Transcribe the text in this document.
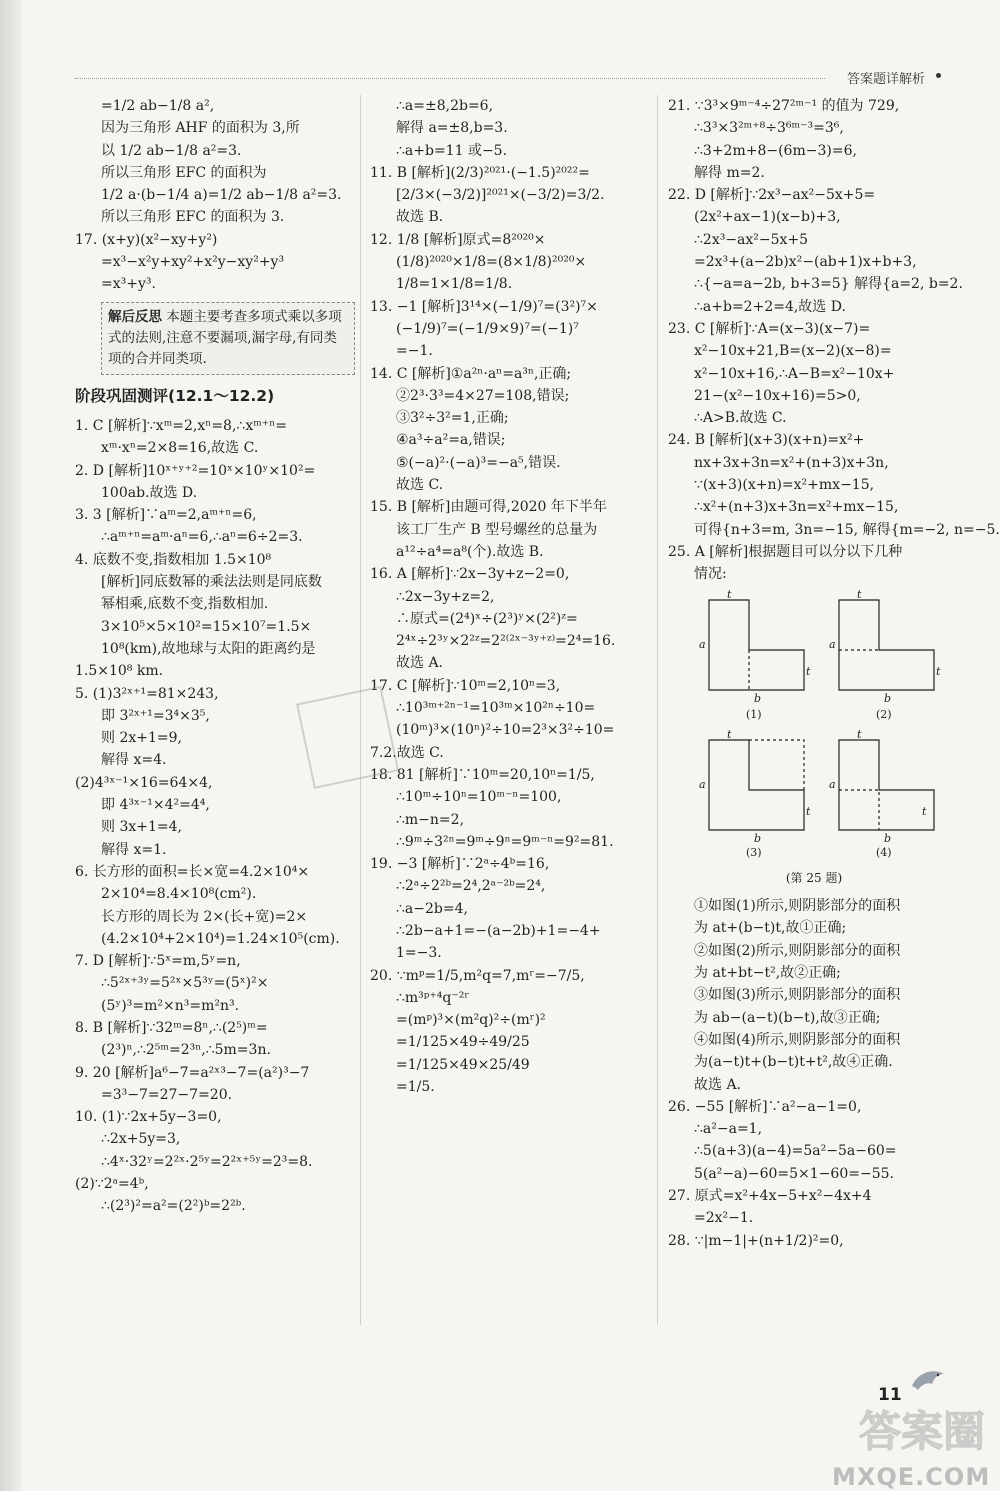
答案题详解析
=1/2 ab−1/8 a²,
因为三角形 AHF 的面积为 3,所
以 1/2 ab−1/8 a²=3.
所以三角形 EFC 的面积为
1/2 a·(b−1/4 a)=1/2 ab−1/8 a²=3.
所以三角形 EFC 的面积为 3.
17. (x+y)(x²−xy+y²)
=x³−x²y+xy²+x²y−xy²+y³
=x³+y³.
解后反思 本题主要考查多项式乘以多项式的法则,注意不要漏项,漏字母,有同类项的合并同类项.
阶段巩固测评(12.1～12.2)
1. C [解析]∵xᵐ=2,xⁿ=8,∴xᵐ⁺ⁿ=
xᵐ·xⁿ=2×8=16,故选 C.
2. D [解析]10ˣ⁺ʸ⁺²=10ˣ×10ʸ×10²=
100ab.故选 D.
3. 3 [解析]∵aᵐ=2,aᵐ⁺ⁿ=6,
∴aᵐ⁺ⁿ=aᵐ·aⁿ=6,∴aⁿ=6÷2=3.
4. 底数不变,指数相加 1.5×10⁸
[解析]同底数幂的乘法法则是同底数
幂相乘,底数不变,指数相加.
3×10⁵×5×10²=15×10⁷=1.5×
10⁸(km),故地球与太阳的距离约是
1.5×10⁸ km.
5. (1)3²ˣ⁺¹=81×243,
即 3²ˣ⁺¹=3⁴×3⁵,
则 2x+1=9,
解得 x=4.
(2)4³ˣ⁻¹×16=64×4,
即 4³ˣ⁻¹×4²=4⁴,
则 3x+1=4,
解得 x=1.
6. 长方形的面积=长×宽=4.2×10⁴×
2×10⁴=8.4×10⁸(cm²).
长方形的周长为 2×(长+宽)=2×
(4.2×10⁴+2×10⁴)=1.24×10⁵(cm).
7. D [解析]∵5ˣ=m,5ʸ=n,
∴5²ˣ⁺³ʸ=5²ˣ×5³ʸ=(5ˣ)²×
(5ʸ)³=m²×n³=m²n³.
8. B [解析]∵32ᵐ=8ⁿ,∴(2⁵)ᵐ=
(2³)ⁿ,∴2⁵ᵐ=2³ⁿ,∴5m=3n.
9. 20 [解析]a⁶−7=a²ˣ³−7=(a²)³−7
=3³−7=27−7=20.
10. (1)∵2x+5y−3=0,
∴2x+5y=3,
∴4ˣ·32ʸ=2²ˣ·2⁵ʸ=2²ˣ⁺⁵ʸ=2³=8.
(2)∵2ᵃ=4ᵇ,
∴(2³)²=a²=(2²)ᵇ=2²ᵇ.
∴a=±8,2b=6,
解得 a=±8,b=3.
∴a+b=11 或−5.
11. B [解析](2/3)²⁰²¹·(−1.5)²⁰²²=
[2/3×(−3/2)]²⁰²¹×(−3/2)=3/2.
故选 B.
12. 1/8 [解析]原式=8²⁰²⁰×
(1/8)²⁰²⁰×1/8=(8×1/8)²⁰²⁰×
1/8=1×1/8=1/8.
13. −1 [解析]3¹⁴×(−1/9)⁷=(3²)⁷×
(−1/9)⁷=(−1/9×9)⁷=(−1)⁷
=−1.
14. C [解析]①a²ⁿ·aⁿ=a³ⁿ,正确;
②2³·3³=4×27=108,错误;
③3²÷3²=1,正确;
④a³÷a²=a,错误;
⑤(−a)²·(−a)³=−a⁵,错误.
故选 C.
15. B [解析]由题可得,2020 年下半年
该工厂生产 B 型号螺丝的总量为
a¹²÷a⁴=a⁸(个).故选 B.
16. A [解析]∵2x−3y+z−2=0,
∴2x−3y+z=2,
∴原式=(2⁴)ˣ÷(2³)ʸ×(2²)ᶻ=
2⁴ˣ÷2³ʸ×2²ᶻ=2²⁽²ˣ⁻³ʸ⁺ᶻ⁾=2⁴=16.
故选 A.
17. C [解析]∵10ᵐ=2,10ⁿ=3,
∴10³ᵐ⁺²ⁿ⁻¹=10³ᵐ×10²ⁿ÷10=
(10ᵐ)³×(10ⁿ)²÷10=2³×3²÷10=
7.2.故选 C.
18. 81 [解析]∵10ᵐ=20,10ⁿ=1/5,
∴10ᵐ÷10ⁿ=10ᵐ⁻ⁿ=100,
∴m−n=2,
∴9ᵐ÷3²ⁿ=9ᵐ÷9ⁿ=9ᵐ⁻ⁿ=9²=81.
19. −3 [解析]∵2ᵃ÷4ᵇ=16,
∴2ᵃ÷2²ᵇ=2⁴,2ᵃ⁻²ᵇ=2⁴,
∴a−2b=4,
∴2b−a+1=−(a−2b)+1=−4+
1=−3.
20. ∵mᵖ=1/5,m²q=7,mʳ=−7/5,
∴m³ᵖ⁺⁴q⁻²ʳ
=(mᵖ)³×(m²q)²÷(mʳ)²
=1/125×49÷49/25
=1/125×49×25/49
=1/5.
21. ∵3³×9ᵐ⁻⁴÷27²ᵐ⁻¹ 的值为 729,
∴3³×3²ᵐ⁺⁸÷3⁶ᵐ⁻³=3⁶,
∴3+2m+8−(6m−3)=6,
解得 m=2.
22. D [解析]∵2x³−ax²−5x+5=
(2x²+ax−1)(x−b)+3,
∴2x³−ax²−5x+5
=2x³+(a−2b)x²−(ab+1)x+b+3,
∴{−a=a−2b, b+3=5} 解得{a=2, b=2.
∴a+b=2+2=4,故选 D.
23. C [解析]∵A=(x−3)(x−7)=
x²−10x+21,B=(x−2)(x−8)=
x²−10x+16,∴A−B=x²−10x+
21−(x²−10x+16)=5>0,
∴A>B.故选 C.
24. B [解析](x+3)(x+n)=x²+
nx+3x+3n=x²+(n+3)x+3n,
∵(x+3)(x+n)=x²+mx−15,
∴x²+(n+3)x+3n=x²+mx−15,
可得{n+3=m, 3n=−15, 解得{m=−2, n=−5.
25. A [解析]根据题目可以分以下几种
情况:
t
a
t
b
t
a
t
b
t
a
t
b
t
a
t
b
(1)	(2)
(3)	(4)
(第 25 题)
①如图(1)所示,则阴影部分的面积
为 at+(b−t)t,故①正确;
②如图(2)所示,则阴影部分的面积
为 at+bt−t²,故②正确;
③如图(3)所示,则阴影部分的面积
为 ab−(a−t)(b−t),故③正确;
④如图(4)所示,则阴影部分的面积
为(a−t)t+(b−t)t+t²,故④正确.
故选 A.
26. −55 [解析]∵a²−a−1=0,
∴a²−a=1,
∴5(a+3)(a−4)=5a²−5a−60=
5(a²−a)−60=5×1−60=−55.
27. 原式=x²+4x−5+x²−4x+4
=2x²−1.
28. ∵|m−1|+(n+1/2)²=0,
11
答案圈
MXQE.COM
